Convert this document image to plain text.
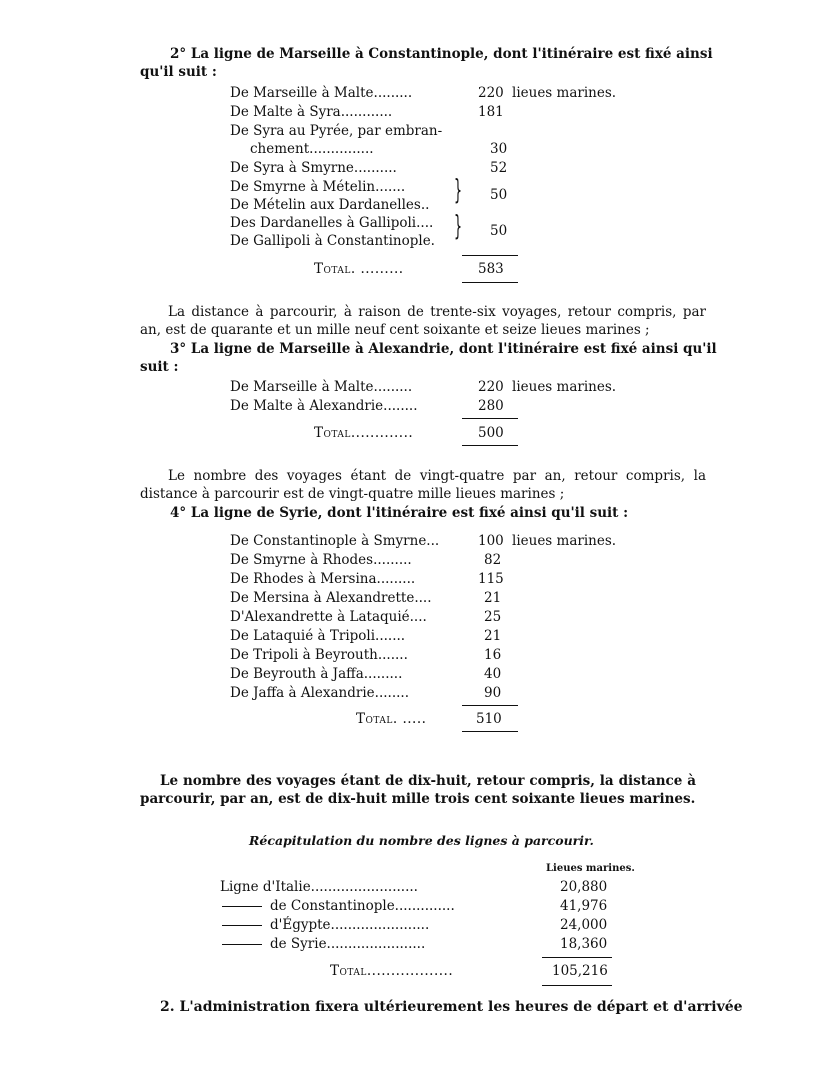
2° La ligne de Marseille à Constantinople, dont l'itinéraire est fixé ainsi
qu'il suit :
De Marseille à Malte.........	220 lieues marines.
De Malte à Syra............	181
De Syra au Pyrée, par embran-
chement...............	30
De Syra à Smyrne..........	52
De Smyrne à Mételin.......
De Mételin aux Dardanelles.. } 50
Des Dardanelles à Gallipoli....
De Gallipoli à Constantinople. } 50
Total. .........	583
La distance à parcourir, à raison de trente-six voyages, retour compris, par an, est de quarante et un mille neuf cent soixante et seize lieues marines ;
3° La ligne de Marseille à Alexandrie, dont l'itinéraire est fixé ainsi qu'il
suit :
De Marseille à Malte.........	220 lieues marines.
De Malte à Alexandrie........	280
Total.............	500
Le nombre des voyages étant de vingt-quatre par an, retour compris, la distance à parcourir est de vingt-quatre mille lieues marines ;
4° La ligne de Syrie, dont l'itinéraire est fixé ainsi qu'il suit :
De Constantinople à Smyrne...	100 lieues marines.
De Smyrne à Rhodes.........	82
De Rhodes à Mersina.........	115
De Mersina à Alexandrette....	21
D'Alexandrette à Lataquié....	25
De Lataquié à Tripoli.......	21
De Tripoli à Beyrouth.......	16
De Beyrouth à Jaffa.........	40
De Jaffa à Alexandrie........	90
Total. .....	510
Le nombre des voyages étant de dix-huit, retour compris, la distance à parcourir, par an, est de dix-huit mille trois cent soixante lieues marines.
Récapitulation du nombre des lignes à parcourir.
Lieues marines.
Ligne d'Italie.........................	20,880
de Constantinople..............	41,976
d'Égypte.......................	24,000
de Syrie.......................	18,360
Total..................	105,216
2. L'administration fixera ultérieurement les heures de départ et d'arrivée
